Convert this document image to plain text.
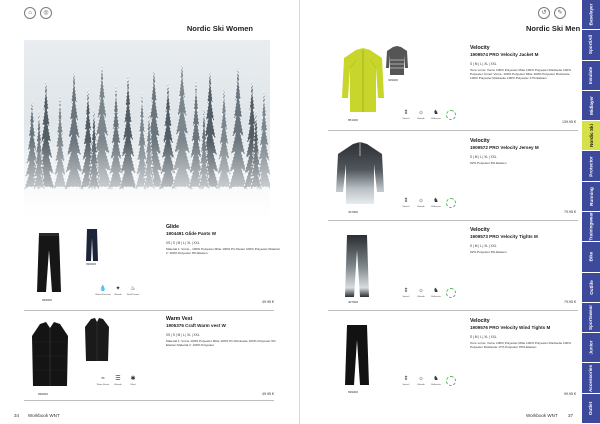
⌂	◎
Nordic Ski Women
999000
999000
Glide
1904491 Glide Pants W
XS | S | M | L | XL | XXL
Material 1: Vorne - 100% Polyester Mitte 100% PU Nieten 100% Polyester Material 2: 100% Polyester 8% Elasten
💧
Water Resistant
✦
Warmth
♨
Wind Protect
49.95 €
999000
Warm Vest
1905376 Craft Warm vest W
XS | S | M | L | XL | XXL
Material 1: Vorne 100% Polyester Mitte 100% PU Rückseite 100% Polyester 6% Elasten Material 2: 100% Polyester
≈
Water Resist
☰
Warmth
✱
Wind
49.95 €
34 Workbook WNT
↺	✎
Nordic Ski Men
329000
851000
Velocity
1909574 PRO Velocity Jacket M
S | M | L | XL | XXL
Tone vorne: Vorne 100% Polyester Mitte 100% Polyester Rückseite 100% Polyester Ärmel: Vorne: 100% Polyester Mitte 100% Polyester Rückseite 100% Polyester Rückseite 100% Polyester 17% Elasten
⇕
Stretch
☼
Warmth
♞
Reflective
139.95 €
407900
Velocity
1909572 PRO Velocity Jersey M
S | M | L | XL | XXL
92% Polyester 8% Elasten
⇕
Stretch
☼
Warmth
♞
Reflective
79.95 €
407900
Velocity
1909573 PRO Velocity Tights M
S | M | L | XL | XXL
92% Polyester 8% Elasten
⇕
Stretch
☼
Warmth
♞
Reflective
79.95 €
999000
Velocity
1909576 PRO Velocity Wind Tights M
S | M | L | XL | XXL
Tone vorne: Vorne 100% Polyester Mitte 100% Polyester Rückseite 100% Polyester Rückseite 17% Polyester 83% Elasten
⇕
Stretch
☼
Warmth
♞
Reflective
99.95 €
Workbook WNT 37
Baselayer
Sport/All
Insulate
Midlayer
Nordic Ski
Protector
Running
Trainingwear
Bike
Outlife
Sportswear
Junior
Accessories
Outlet
